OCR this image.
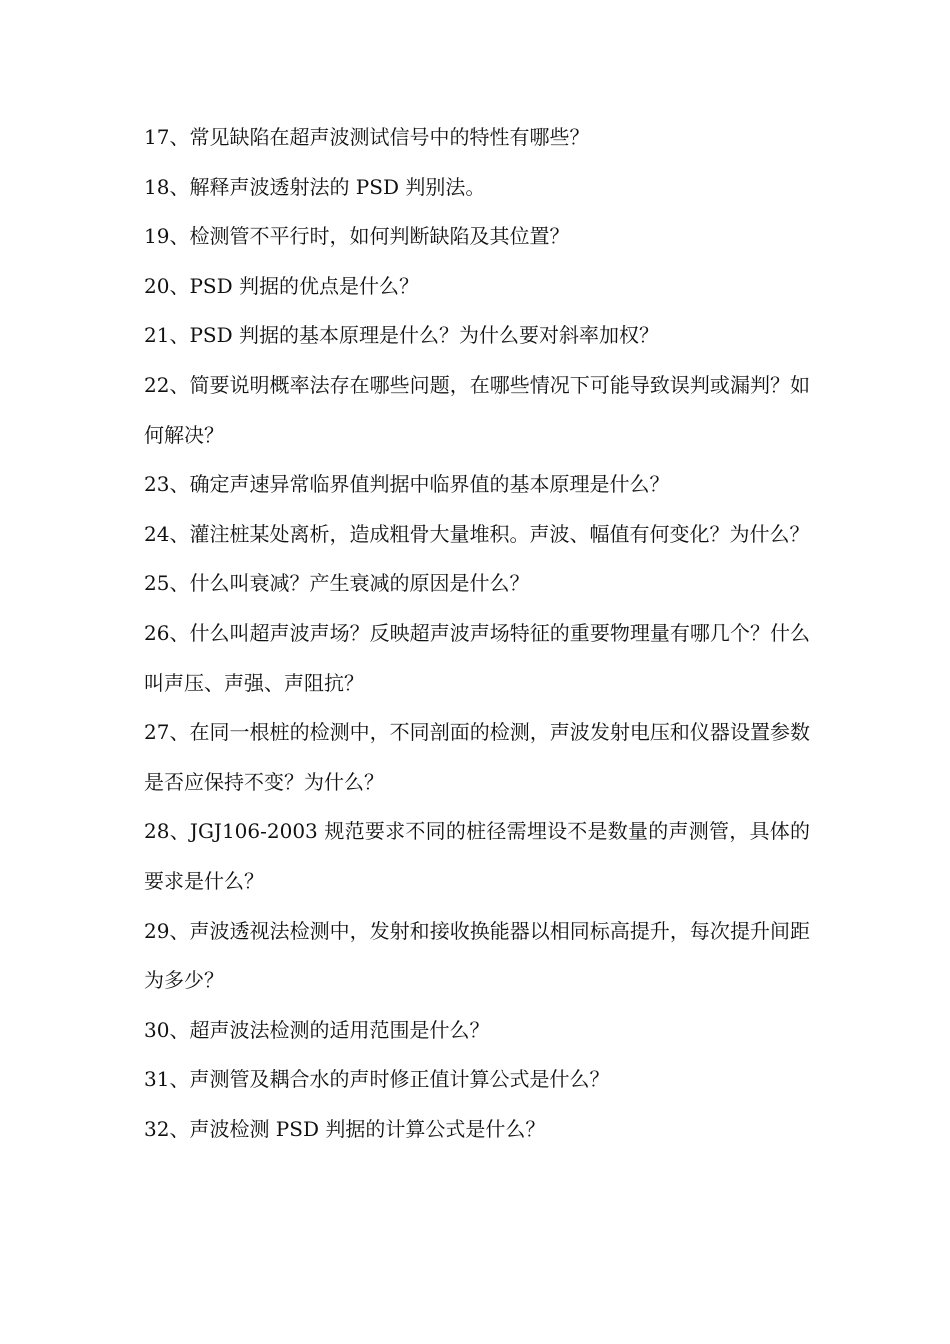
17、常见缺陷在超声波测试信号中的特性有哪些？

18、解释声波透射法的 PSD 判别法。

19、检测管不平行时，如何判断缺陷及其位置？

20、PSD 判据的优点是什么？

21、PSD 判据的基本原理是什么？为什么要对斜率加权？

22、简要说明概率法存在哪些问题，在哪些情况下可能导致误判或漏判？如何解决？

23、确定声速异常临界值判据中临界值的基本原理是什么？

24、灌注桩某处离析，造成粗骨大量堆积。声波、幅值有何变化？为什么？

25、什么叫衰减？产生衰减的原因是什么？

26、什么叫超声波声场？反映超声波声场特征的重要物理量有哪几个？什么叫声压、声强、声阻抗？

27、在同一根桩的检测中，不同剖面的检测，声波发射电压和仪器设置参数是否应保持不变？为什么？

28、JGJ106-2003 规范要求不同的桩径需埋设不是数量的声测管，具体的要求是什么？

29、声波透视法检测中，发射和接收换能器以相同标高提升，每次提升间距为多少？

30、超声波法检测的适用范围是什么？

31、声测管及耦合水的声时修正值计算公式是什么？

32、声波检测 PSD 判据的计算公式是什么？
